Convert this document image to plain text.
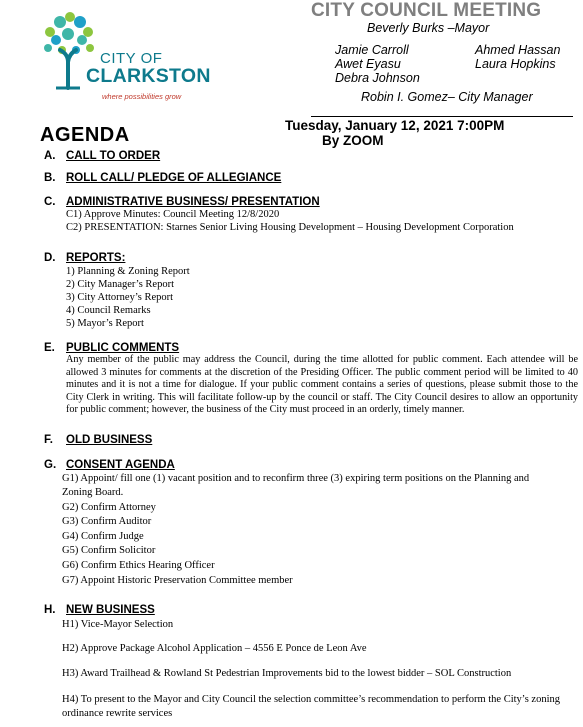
CITY OF
CLARKSTON
where possibilities grow
CITY COUNCIL MEETING
Beverly Burks –Mayor
Jamie Carroll	Ahmed Hassan
Awet Eyasu	Laura Hopkins
Debra Johnson
Robin I. Gomez– City Manager
AGENDA	Tuesday, January 12, 2021 7:00PM
By ZOOM
A. CALL TO ORDER
B. ROLL CALL/ PLEDGE OF ALLEGIANCE
C. ADMINISTRATIVE BUSINESS/ PRESENTATION
C1) Approve Minutes: Council Meeting 12/8/2020
C2) PRESENTATION: Starnes Senior Living Housing Development – Housing Development Corporation
D. REPORTS:
1) Planning & Zoning Report
2) City Manager’s Report
3) City Attorney’s Report
4) Council Remarks
5) Mayor’s Report
E. PUBLIC COMMENTS
Any member of the public may address the Council, during the time allotted for public comment. Each attendee will be allowed 3 minutes for comments at the discretion of the Presiding Officer. The public comment period will be limited to 40 minutes and it is not a time for dialogue. If your public comment contains a series of questions, please submit those to the City Clerk in writing. This will facilitate follow-up by the council or staff. The City Council desires to allow an opportunity for public comment; however, the business of the City must proceed in an orderly, timely manner.
F. OLD BUSINESS
G. CONSENT AGENDA
G1) Appoint/ fill one (1) vacant position and to reconfirm three (3) expiring term positions on the Planning and Zoning Board.
G2) Confirm Attorney
G3) Confirm Auditor
G4) Confirm Judge
G5) Confirm Solicitor
G6) Confirm Ethics Hearing Officer
G7) Appoint Historic Preservation Committee member
H. NEW BUSINESS
H1) Vice-Mayor Selection
H2) Approve Package Alcohol Application – 4556 E Ponce de Leon Ave
H3) Award Trailhead & Rowland St Pedestrian Improvements bid to the lowest bidder – SOL Construction
H4) To present to the Mayor and City Council the selection committee’s recommendation to perform the City’s zoning ordinance rewrite services
